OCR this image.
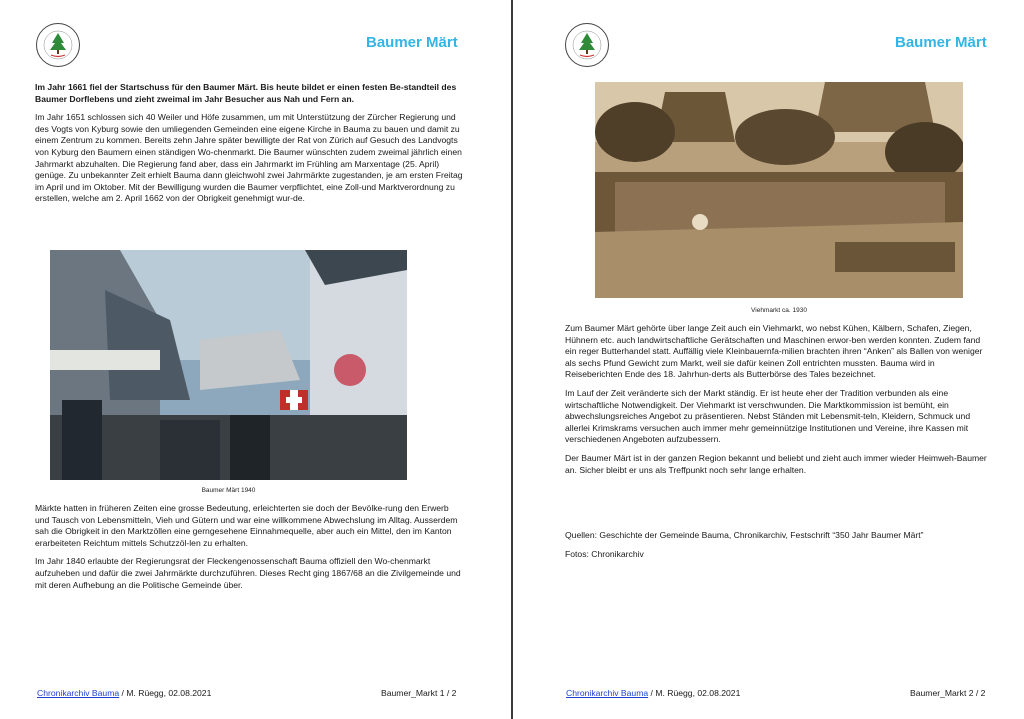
Baumer Märt

Im Jahr 1661 fiel der Startschuss für den Baumer Märt. Bis heute bildet er einen festen Be-standteil des Baumer Dorflebens und zieht zweimal im Jahr Besucher aus Nah und Fern an.

Im Jahr 1651 schlossen sich 40 Weiler und Höfe zusammen, um mit Unterstützung der Zürcher Regierung und des Vogts von Kyburg sowie den umliegenden Gemeinden eine eigene Kirche in Bauma zu bauen und damit zu einem Zentrum zu kommen. Bereits zehn Jahre später bewilligte der Rat von Zürich auf Gesuch des Landvogts von Kyburg den Baumern einen ständigen Wo-chenmarkt. Die Baumer wünschten zudem zweimal jährlich einen Jahrmarkt abzuhalten. Die Regierung fand aber, dass ein Jahrmarkt im Frühling am Marxentage (25. April) genüge. Zu unbekannter Zeit erhielt Bauma dann gleichwohl zwei Jahrmärkte zugestanden, je am ersten Freitag im April und im Oktober. Mit der Bewilligung wurden die Baumer verpflichtet, eine Zoll-und Marktverordnung zu erstellen, welche am 2. April 1662 von der Obrigkeit genehmigt wur-de.

Baumer Märt 1940

Märkte hatten in früheren Zeiten eine grosse Bedeutung, erleichterten sie doch der Bevölke-rung den Erwerb und Tausch von Lebensmitteln, Vieh und Gütern und war eine willkommene Abwechslung im Alltag. Ausserdem sah die Obrigkeit in den Marktzöllen eine gerngesehene Einnahmequelle, aber auch ein Mittel, den im Kanton erarbeiteten Reichtum mittels Schutzzöl-len zu erhalten.

Im Jahr 1840 erlaubte der Regierungsrat der Fleckengenossenschaft Bauma offiziell den Wo-chenmarkt aufzuheben und dafür die zwei Jahrmärkte durchzuführen. Dieses Recht ging 1867/68 an die Zivilgemeinde und mit deren Aufhebung an die Politische Gemeinde über.

Chronikarchiv Bauma / M. Rüegg, 02.08.2021	Baumer_Markt 1 / 2
Baumer Märt
Viehmarkt ca. 1930

Zum Baumer Märt gehörte über lange Zeit auch ein Viehmarkt, wo nebst Kühen, Kälbern, Schafen, Ziegen, Hühnern etc. auch landwirtschaftliche Gerätschaften und Maschinen erwor-ben werden konnten. Zudem fand ein reger Butterhandel statt. Auffällig viele Kleinbauernfa-milien brachten ihren “Anken” als Ballen von weniger als sechs Pfund Gewicht zum Markt, weil sie dafür keinen Zoll entrichten mussten. Bauma wird in Reiseberichten Ende des 18. Jahrhun-derts als Butterbörse des Tales bezeichnet.

Im Lauf der Zeit veränderte sich der Markt ständig. Er ist heute eher der Tradition verbunden als eine wirtschaftliche Notwendigkeit. Der Viehmarkt ist verschwunden. Die Marktkommission ist bemüht, ein abwechslungsreiches Angebot zu präsentieren. Nebst Ständen mit Lebensmit-teln, Kleidern, Schmuck und allerlei Krimskrams versuchen auch immer mehr gemeinnützige Institutionen und Vereine, ihre Kassen mit verschiedenen Angeboten aufzubessern.

Der Baumer Märt ist in der ganzen Region bekannt und beliebt und zieht auch immer wieder Heimweh-Baumer an. Sicher bleibt er uns als Treffpunkt noch sehr lange erhalten.

Quellen: Geschichte der Gemeinde Bauma, Chronikarchiv, Festschrift “350 Jahr Baumer Märt”

Fotos: Chronikarchiv

Chronikarchiv Bauma / M. Rüegg, 02.08.2021	Baumer_Markt 2 / 2
